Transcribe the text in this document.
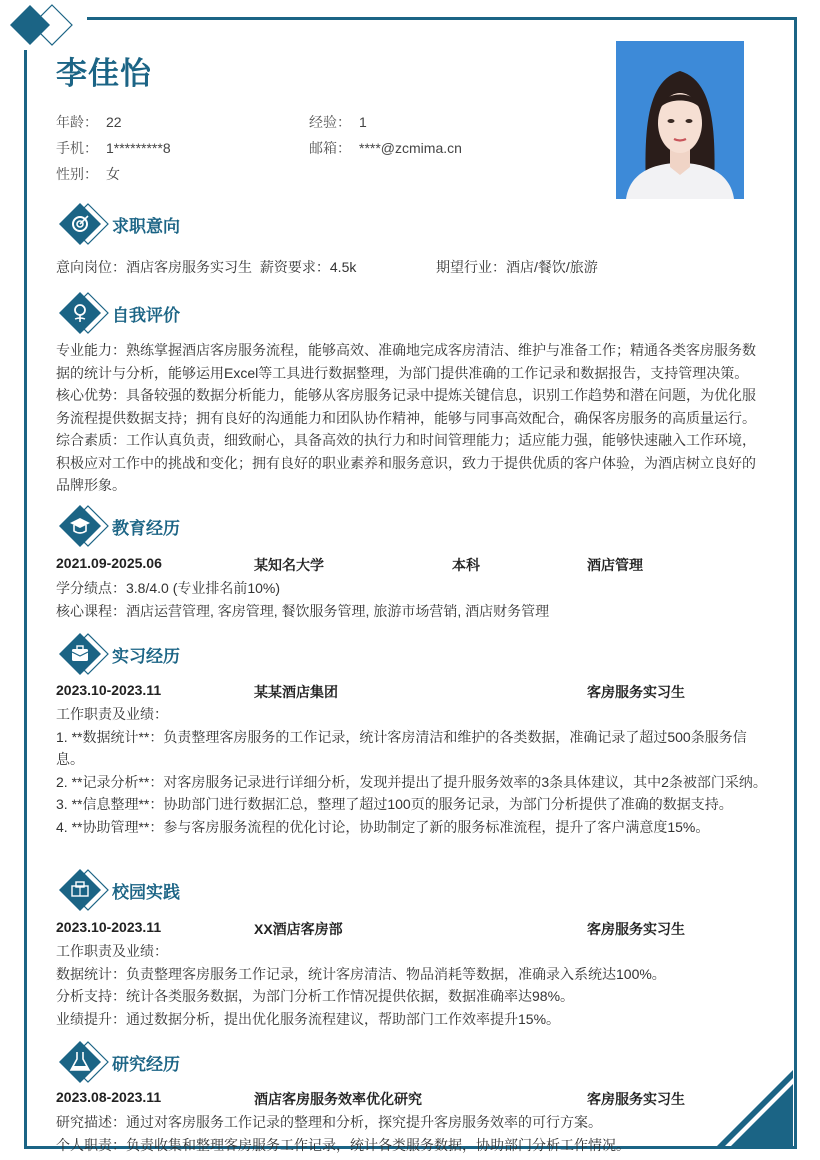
李佳怡
年龄： 22	经验： 1
手机： 1*********8	邮箱： ****@zcmima.cn
性别： 女
求职意向
意向岗位：酒店客房服务实习生 薪资要求：4.5k	期望行业：酒店/餐饮/旅游
自我评价
专业能力：熟练掌握酒店客房服务流程，能够高效、准确地完成客房清洁、维护与准备工作；精通各类客房服务数据的统计与分析，能够运用Excel等工具进行数据整理，为部门提供准确的工作记录和数据报告，支持管理决策。
核心优势：具备较强的数据分析能力，能够从客房服务记录中提炼关键信息，识别工作趋势和潜在问题，为优化服务流程提供数据支持；拥有良好的沟通能力和团队协作精神，能够与同事高效配合，确保客房服务的高质量运行。
综合素质：工作认真负责，细致耐心，具备高效的执行力和时间管理能力；适应能力强，能够快速融入工作环境，积极应对工作中的挑战和变化；拥有良好的职业素养和服务意识，致力于提供优质的客户体验，为酒店树立良好的品牌形象。
教育经历
2021.09-2025.06	某知名大学	本科	酒店管理
学分绩点：3.8/4.0 (专业排名前10%)
核心课程：酒店运营管理, 客房管理, 餐饮服务管理, 旅游市场营销, 酒店财务管理
实习经历
2023.10-2023.11	某某酒店集团	客房服务实习生
工作职责及业绩：
1. **数据统计**：负责整理客房服务的工作记录，统计客房清洁和维护的各类数据，准确记录了超过500条服务信息。
2. **记录分析**：对客房服务记录进行详细分析，发现并提出了提升服务效率的3条具体建议，其中2条被部门采纳。
3. **信息整理**：协助部门进行数据汇总，整理了超过100页的服务记录，为部门分析提供了准确的数据支持。
4. **协助管理**：参与客房服务流程的优化讨论，协助制定了新的服务标准流程，提升了客户满意度15%。
校园实践
2023.10-2023.11	XX酒店客房部	客房服务实习生
工作职责及业绩：
数据统计：负责整理客房服务工作记录，统计客房清洁、物品消耗等数据，准确录入系统达100%。
分析支持：统计各类服务数据，为部门分析工作情况提供依据，数据准确率达98%。
业绩提升：通过数据分析，提出优化服务流程建议，帮助部门工作效率提升15%。
研究经历
2023.08-2023.11	酒店客房服务效率优化研究	客房服务实习生
研究描述：通过对客房服务工作记录的整理和分析，探究提升客房服务效率的可行方案。
个人职责：负责收集和整理客房服务工作记录，统计各类服务数据，协助部门分析工作情况。
